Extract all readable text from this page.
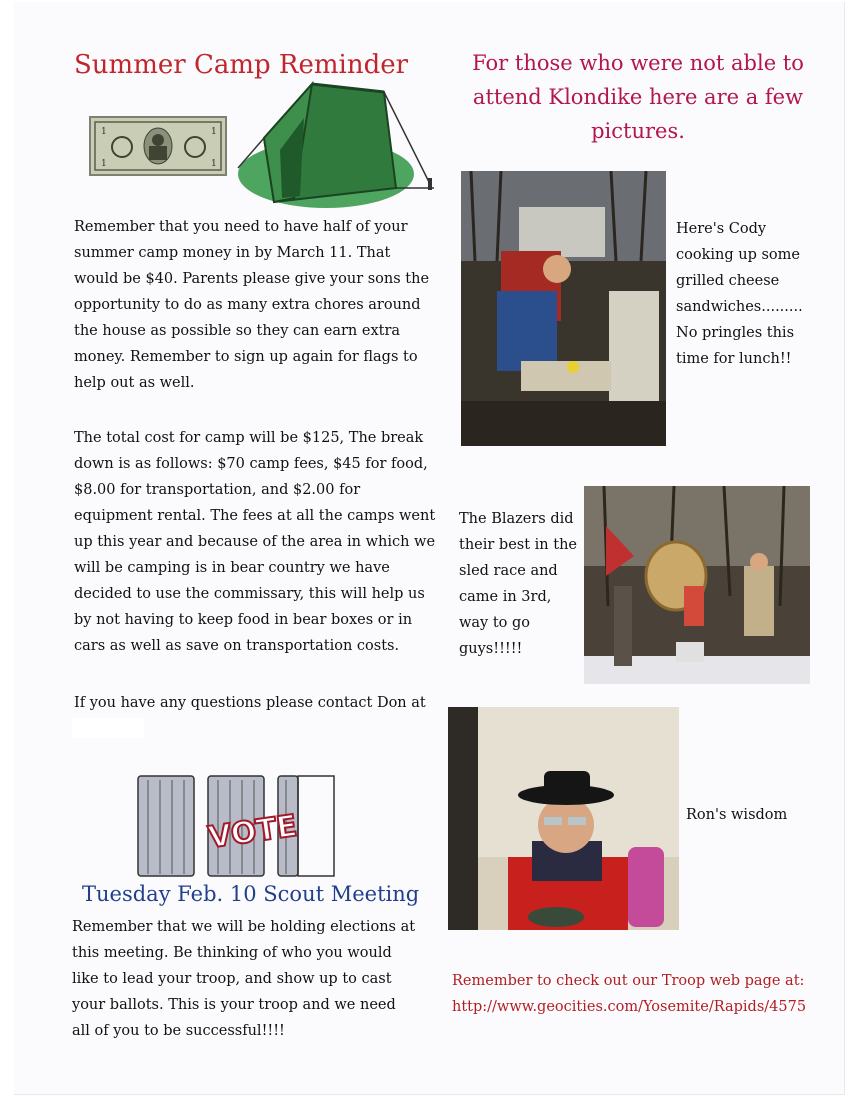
Summer Camp Reminder
1	1
1	1

Remember that you need to have half of your summer camp money in by March 11. That would be $40. Parents please give your sons the opportunity to do as many extra chores around the house as possible so they can earn extra money. Remember to sign up again for flags to help out as well.

The total cost for camp will be $125, The break down is as follows: $70 camp fees, $45 for food, $8.00 for transportation, and $2.00 for equipment rental. The fees at all the camps went up this year and because of the area in which we will be camping is in bear country we have decided to use the commissary, this will help us by not having to keep food in bear boxes or in cars as well as save on transportation costs.

If you have any questions please contact Don at

VOTE
Tuesday Feb. 10 Scout Meeting

Remember that we will be holding elections at this meeting. Be thinking of who you would like to lead your troop, and show up to cast your ballots. This is your troop and we need all of you to be successful!!!!

For those who were not able to attend Klondike here are a few pictures.
Here's Cody cooking up some grilled cheese sandwiches......... No pringles this time for lunch!!
The Blazers did their best in the sled race and came in 3rd, way to go guys!!!!!
Ron's wisdom
Remember to check out our Troop web page at:
http://www.geocities.com/Yosemite/Rapids/4575
